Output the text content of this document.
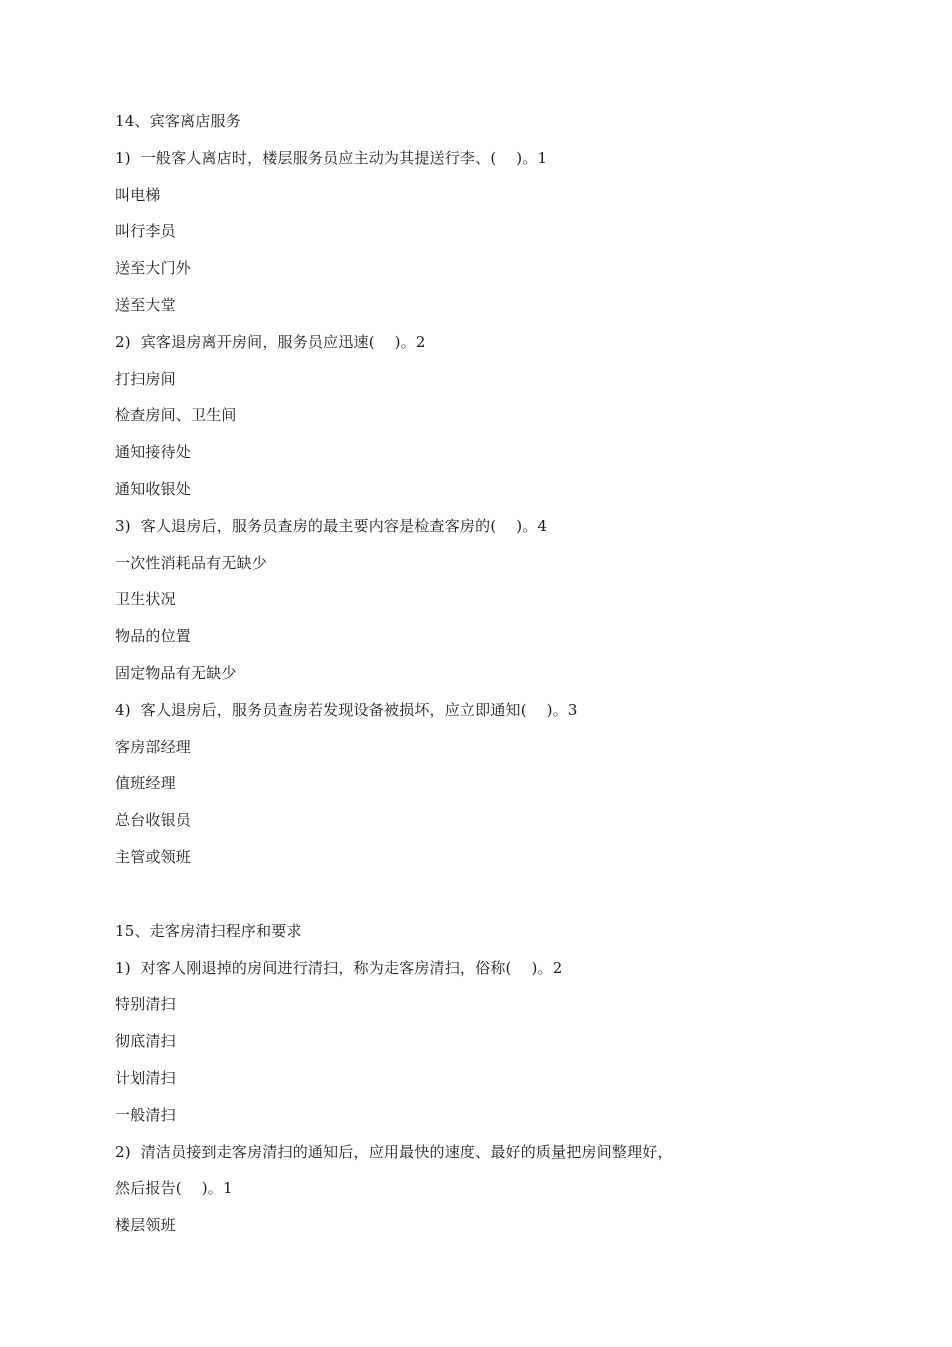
14、宾客离店服务
1)  一般客人离店时，楼层服务员应主动为其提送行李、(    )。1
叫电梯
叫行李员
送至大门外
送至大堂
2)  宾客退房离开房间，服务员应迅速(    )。2
打扫房间
检查房间、卫生间
通知接待处
通知收银处
3)  客人退房后，服务员查房的最主要内容是检查客房的(    )。4
一次性消耗品有无缺少
卫生状况
物品的位置
固定物品有无缺少
4)  客人退房后，服务员查房若发现设备被损坏，应立即通知(    )。3
客房部经理
值班经理
总台收银员
主管或领班
15、走客房清扫程序和要求
1)  对客人刚退掉的房间进行清扫，称为走客房清扫，俗称(    )。2
特别清扫
彻底清扫
计划清扫
一般清扫
2)  清洁员接到走客房清扫的通知后，应用最快的速度、最好的质量把房间整理好，
然后报告(    )。1
楼层领班
